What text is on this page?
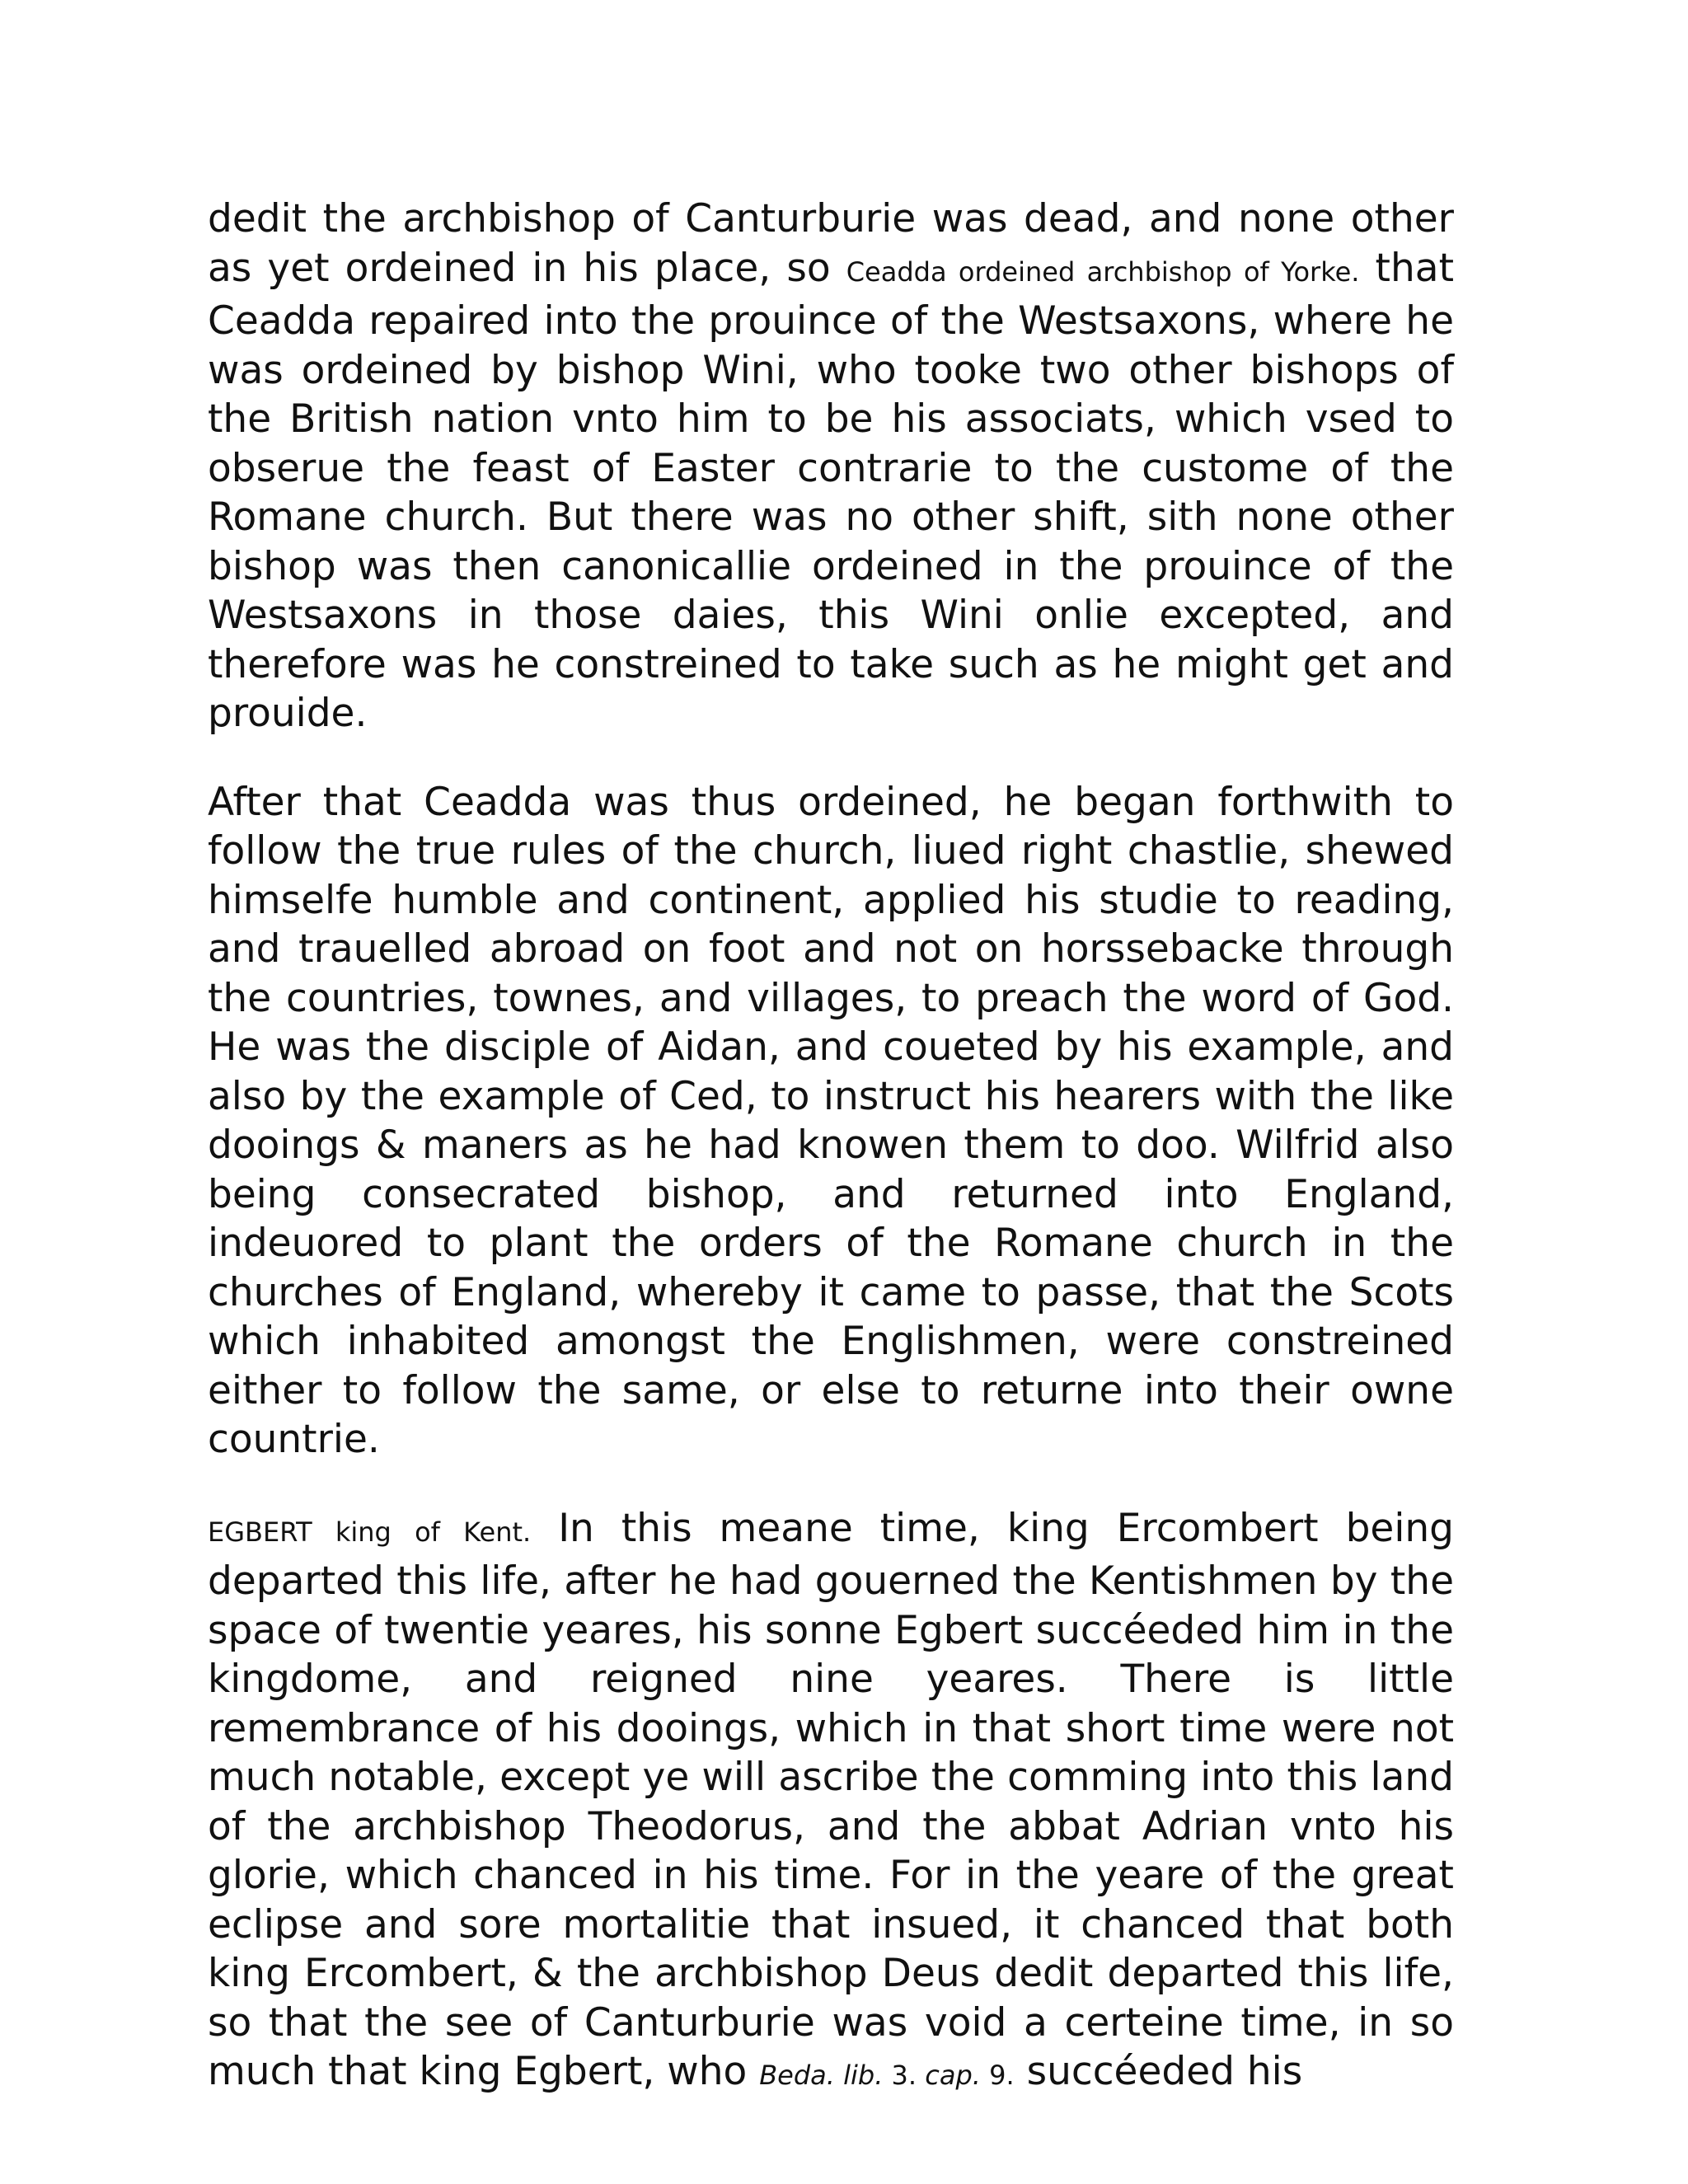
dedit the archbishop of Canturburie was dead, and none other as yet ordeined in his place, so Ceadda ordeined archbishop of Yorke. that Ceadda repaired into the prouince of the Westsaxons, where he was ordeined by bishop Wini, who tooke two other bishops of the British nation vnto him to be his associats, which vsed to obserue the feast of Easter contrarie to the custome of the Romane church. But there was no other shift, sith none other bishop was then canonicallie ordeined in the prouince of the Westsaxons in those daies, this Wini onlie excepted, and therefore was he constreined to take such as he might get and prouide.

After that Ceadda was thus ordeined, he began forthwith to follow the true rules of the church, liued right chastlie, shewed himselfe humble and continent, applied his studie to reading, and trauelled abroad on foot and not on horssebacke through the countries, townes, and villages, to preach the word of God. He was the disciple of Aidan, and coueted by his example, and also by the example of Ced, to instruct his hearers with the like dooings & maners as he had knowen them to doo. Wilfrid also being consecrated bishop, and returned into England, indeuored to plant the orders of the Romane church in the churches of England, whereby it came to passe, that the Scots which inhabited amongst the Englishmen, were constreined either to follow the same, or else to returne into their owne countrie.

EGBERT king of Kent. In this meane time, king Ercombert being departed this life, after he had gouerned the Kentishmen by the space of twentie yeares, his sonne Egbert succéeded him in the kingdome, and reigned nine yeares. There is little remembrance of his dooings, which in that short time were not much notable, except ye will ascribe the comming into this land of the archbishop Theodorus, and the abbat Adrian vnto his glorie, which chanced in his time. For in the yeare of the great eclipse and sore mortalitie that insued, it chanced that both king Ercombert, & the archbishop Deus dedit departed this life, so that the see of Canturburie was void a certeine time, in so much that king Egbert, who Beda. lib. 3. cap. 9. succéeded his
